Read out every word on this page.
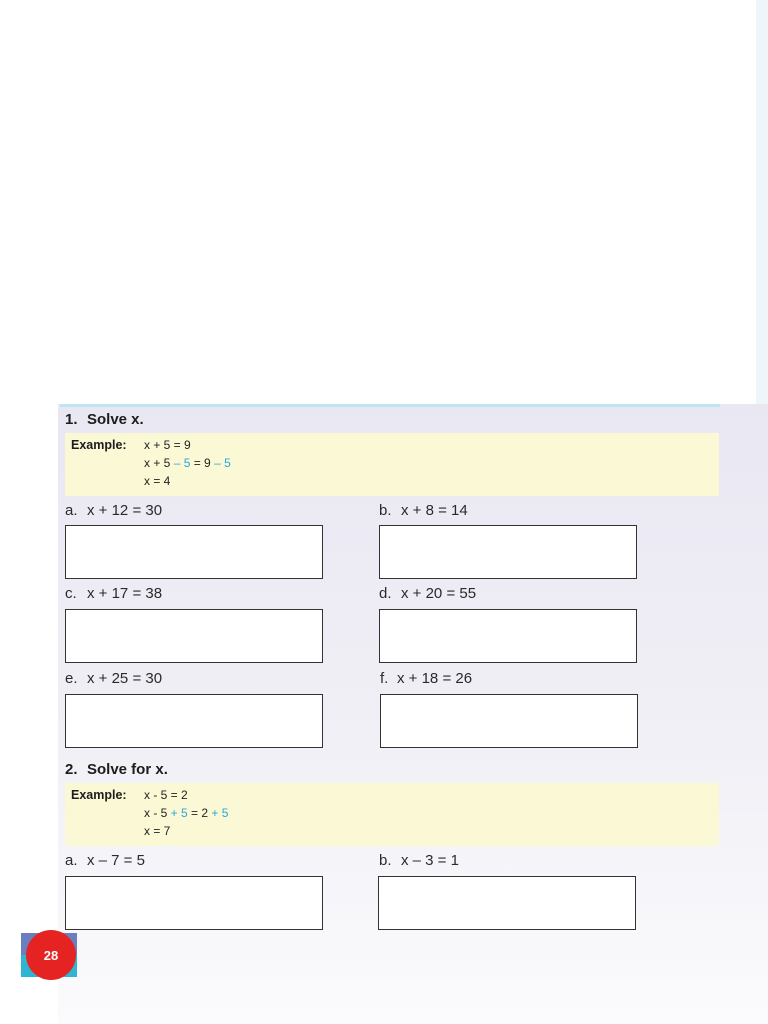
1. Solve x.
Example: x + 5 = 9
x + 5 – 5 = 9 – 5
x = 4
a. x + 12 = 30	b. x + 8 = 14
c. x + 17 = 38	d. x + 20 = 55
e. x + 25 = 30	f. x + 18 = 26
2. Solve for x.
Example: x - 5 = 2
x - 5 + 5 = 2 + 5
x = 7
a. x – 7 = 5	b. x – 3 = 1
28
